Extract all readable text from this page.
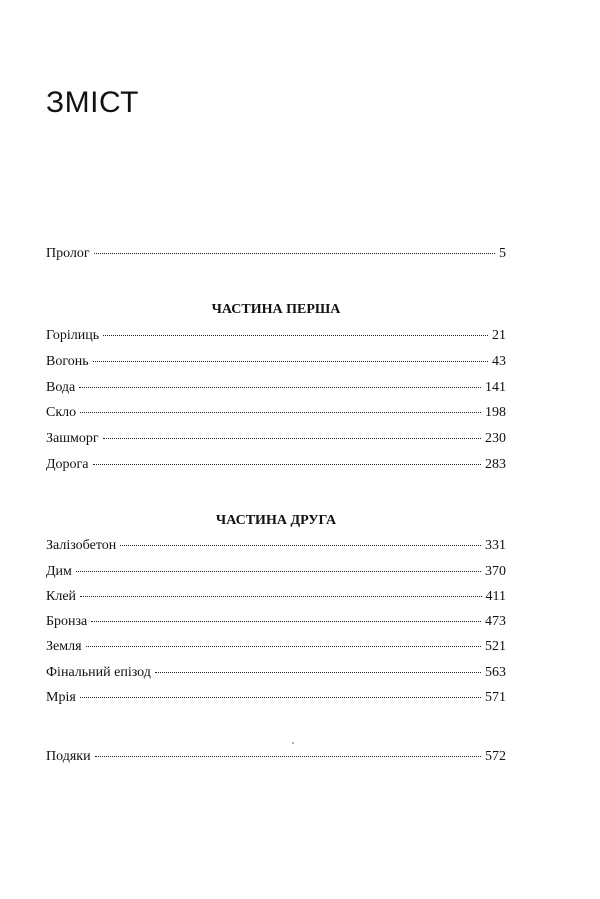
ЗМІСТ
Пролог	5
ЧАСТИНА ПЕРША
Горілиць	21
Вогонь	43
Вода	141
Скло	198
Зашморг	230
Дорога	283
ЧАСТИНА ДРУГА
Залізобетон	331
Дим	370
Клей	411
Бронза	473
Земля	521
Фінальний епізод	563
Мрія	571
Подяки	572
